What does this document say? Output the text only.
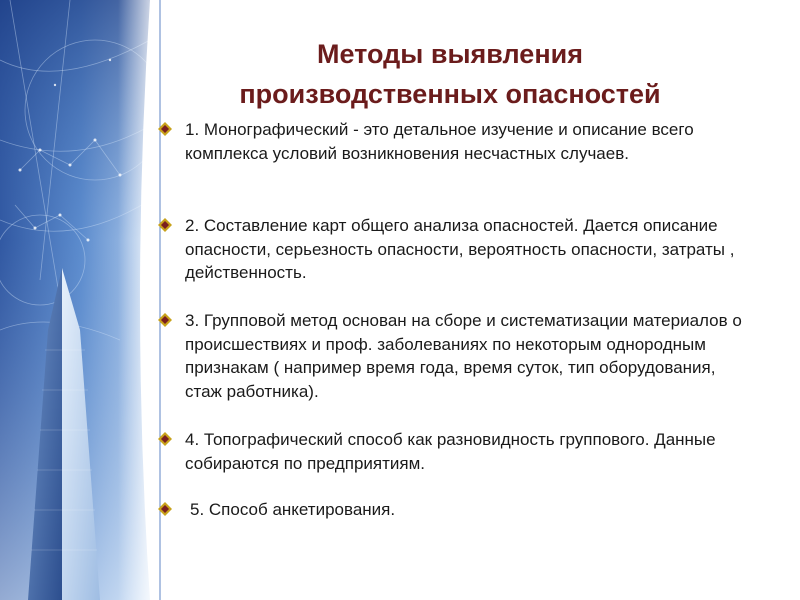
Методы выявления
производственных опасностей
1. Монографический - это детальное изучение и описание всего комплекса условий возникновения несчастных случаев.
2. Составление карт общего анализа опасностей. Дается описание опасности, серьезность опасности, вероятность опасности, затраты , действенность.
3. Групповой метод основан на сборе и систематизации материалов о происшествиях и проф. заболеваниях по некоторым однородным признакам ( например время года, время суток, тип оборудования, стаж работника).
4. Топографический способ как разновидность группового. Данные собираются по предприятиям.
5. Способ анкетирования.
